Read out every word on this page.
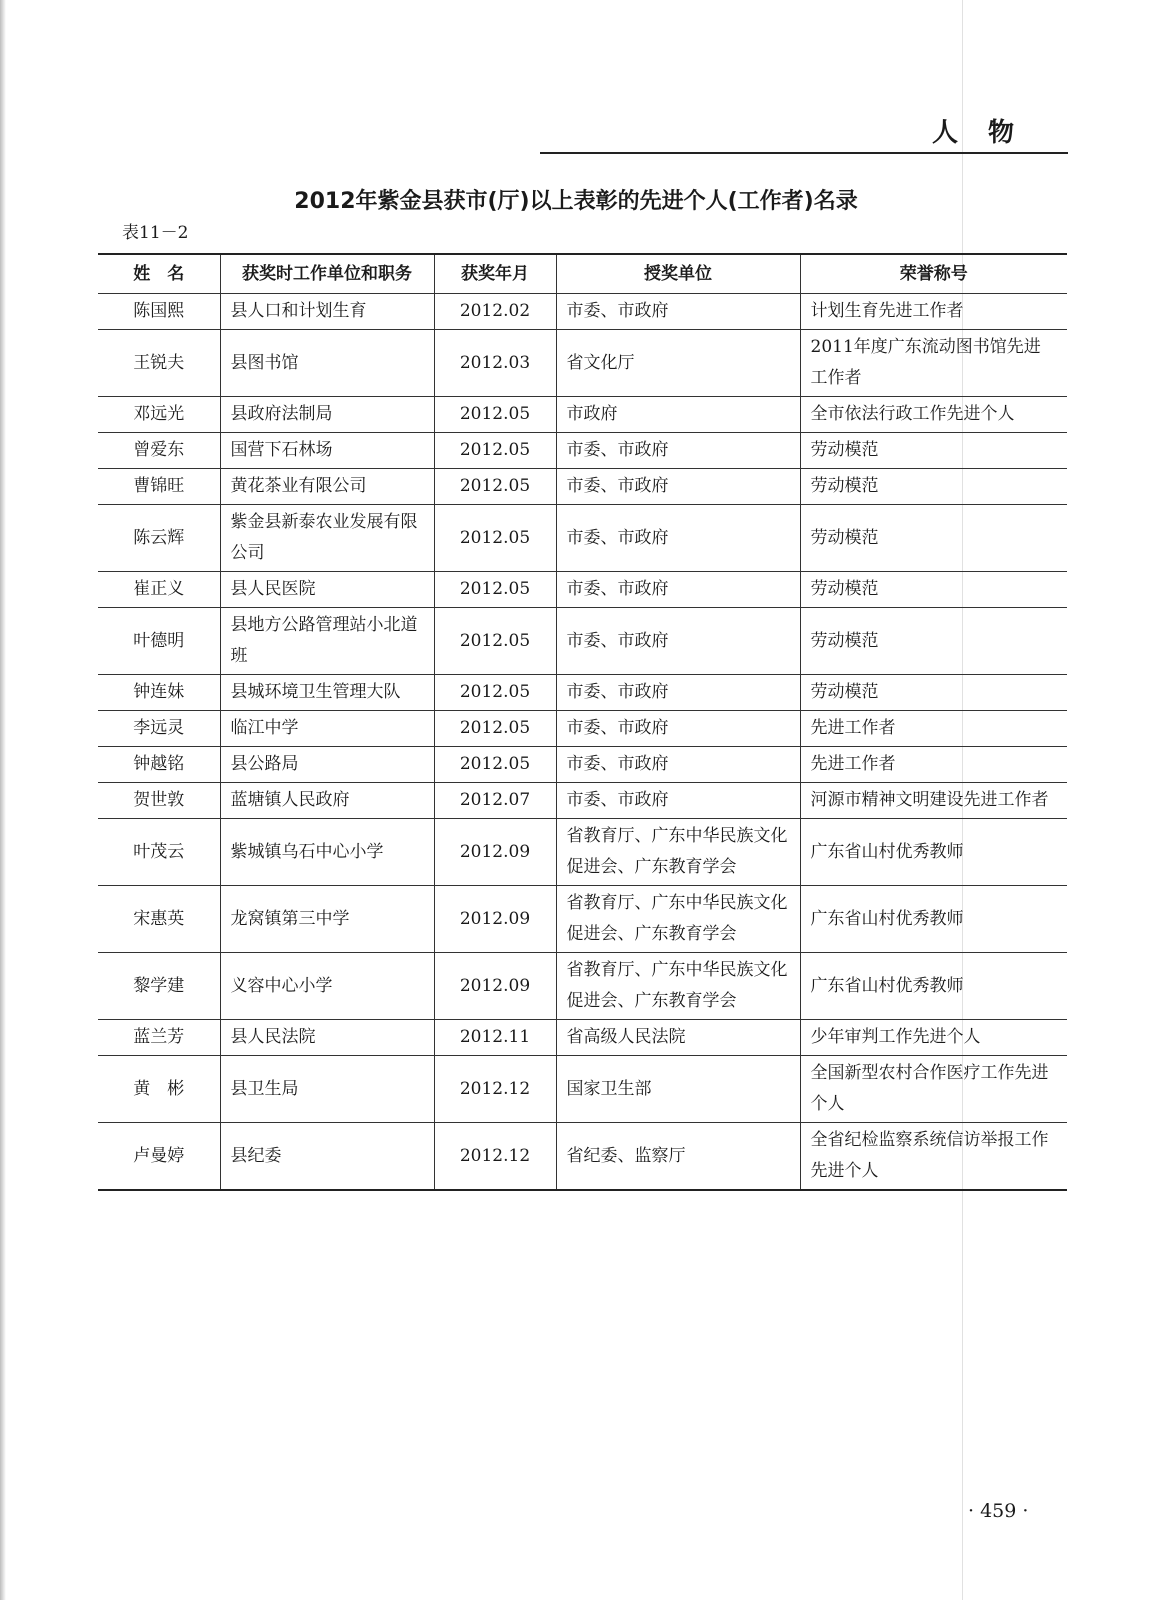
人物
2012年紫金县获市(厅)以上表彰的先进个人(工作者)名录
表11－2
姓　名	获奖时工作单位和职务	获奖年月	授奖单位	荣誉称号
陈国熙	县人口和计划生育	2012.02	市委、市政府	计划生育先进工作者
王锐夫	县图书馆	2012.03	省文化厅	2011年度广东流动图书馆先进工作者
邓远光	县政府法制局	2012.05	市政府	全市依法行政工作先进个人
曾爱东	国营下石林场	2012.05	市委、市政府	劳动模范
曹锦旺	黄花茶业有限公司	2012.05	市委、市政府	劳动模范
陈云辉	紫金县新泰农业发展有限公司	2012.05	市委、市政府	劳动模范
崔正义	县人民医院	2012.05	市委、市政府	劳动模范
叶德明	县地方公路管理站小北道班	2012.05	市委、市政府	劳动模范
钟连妹	县城环境卫生管理大队	2012.05	市委、市政府	劳动模范
李远灵	临江中学	2012.05	市委、市政府	先进工作者
钟越铭	县公路局	2012.05	市委、市政府	先进工作者
贺世敦	蓝塘镇人民政府	2012.07	市委、市政府	河源市精神文明建设先进工作者
叶茂云	紫城镇乌石中心小学	2012.09	省教育厅、广东中华民族文化促进会、广东教育学会	广东省山村优秀教师
宋惠英	龙窝镇第三中学	2012.09	省教育厅、广东中华民族文化促进会、广东教育学会	广东省山村优秀教师
黎学建	义容中心小学	2012.09	省教育厅、广东中华民族文化促进会、广东教育学会	广东省山村优秀教师
蓝兰芳	县人民法院	2012.11	省高级人民法院	少年审判工作先进个人
黄　彬	县卫生局	2012.12	国家卫生部	全国新型农村合作医疗工作先进个人
卢曼婷	县纪委	2012.12	省纪委、监察厅	全省纪检监察系统信访举报工作先进个人
· 459 ·
